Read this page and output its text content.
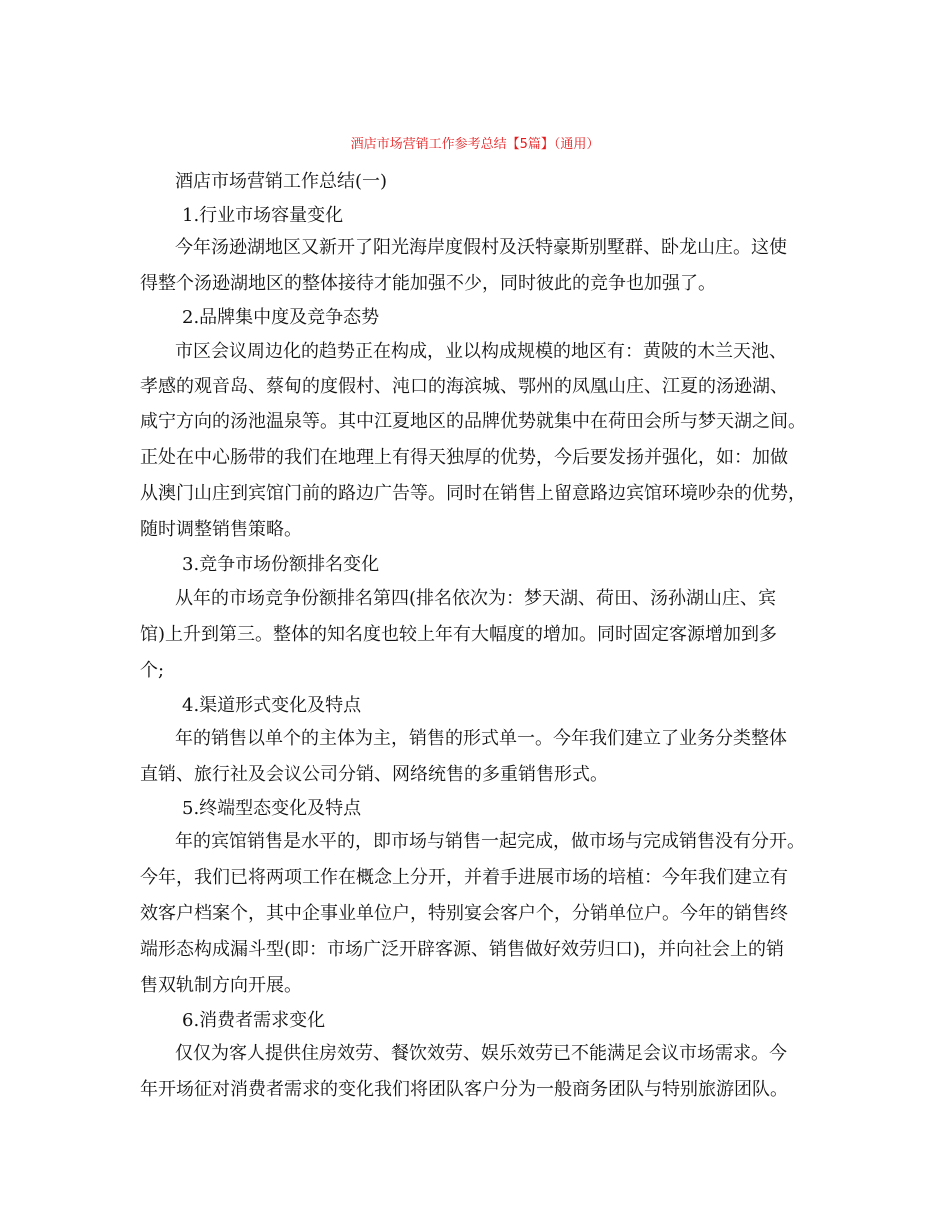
酒店市场营销工作参考总结【5篇】（通用）
酒店市场营销工作总结(一)
1.行业市场容量变化
今年汤逊湖地区又新开了阳光海岸度假村及沃特豪斯别墅群、卧龙山庄。这使
得整个汤逊湖地区的整体接待才能加强不少，同时彼此的竞争也加强了。
2.品牌集中度及竞争态势
市区会议周边化的趋势正在构成，业以构成规模的地区有：黄陂的木兰天池、
孝感的观音岛、蔡甸的度假村、沌口的海滨城、鄂州的凤凰山庄、江夏的汤逊湖、
咸宁方向的汤池温泉等。其中江夏地区的品牌优势就集中在荷田会所与梦天湖之间。
正处在中心肠带的我们在地理上有得天独厚的优势，今后要发扬并强化，如：加做
从澳门山庄到宾馆门前的路边广告等。同时在销售上留意路边宾馆环境吵杂的优势，
随时调整销售策略。
3.竞争市场份额排名变化
从年的市场竞争份额排名第四(排名依次为：梦天湖、荷田、汤孙湖山庄、宾
馆)上升到第三。整体的知名度也较上年有大幅度的增加。同时固定客源增加到多
个;
4.渠道形式变化及特点
年的销售以单个的主体为主，销售的形式单一。今年我们建立了业务分类整体
直销、旅行社及会议公司分销、网络统售的多重销售形式。
5.终端型态变化及特点
年的宾馆销售是水平的，即市场与销售一起完成，做市场与完成销售没有分开。
今年，我们已将两项工作在概念上分开，并着手进展市场的培植：今年我们建立有
效客户档案个，其中企事业单位户，特别宴会客户个，分销单位户。今年的销售终
端形态构成漏斗型(即：市场广泛开辟客源、销售做好效劳归口)，并向社会上的销
售双轨制方向开展。
6.消费者需求变化
仅仅为客人提供住房效劳、餐饮效劳、娱乐效劳已不能满足会议市场需求。今
年开场征对消费者需求的变化我们将团队客户分为一般商务团队与特别旅游团队。
